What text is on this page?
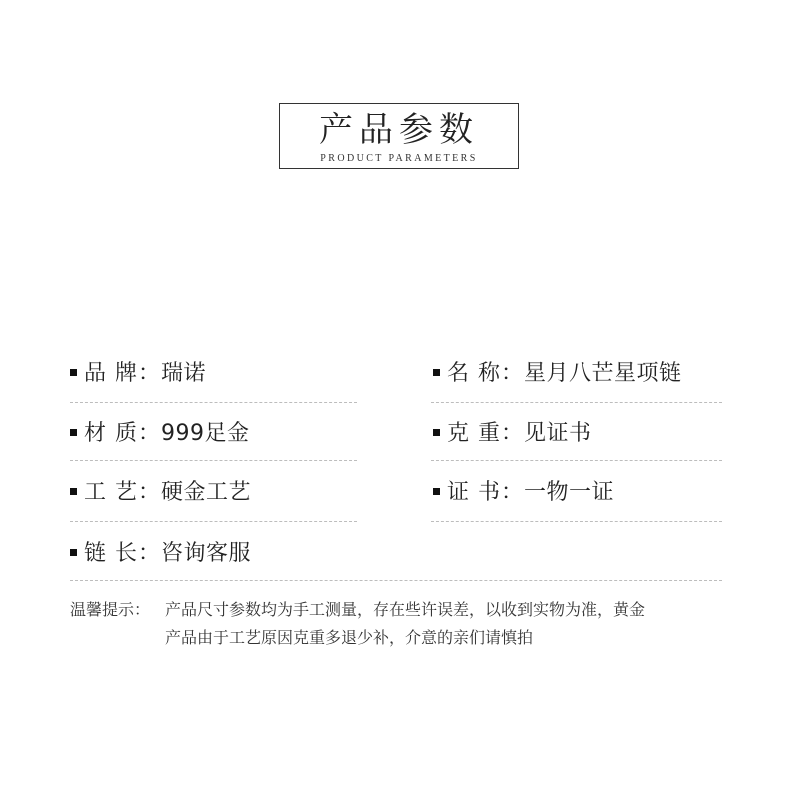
产品参数
PRODUCT PARAMETERS
品 牌：瑞诺	名 称：星月八芒星项链
材 质：999足金	克 重：见证书
工 艺：硬金工艺	证 书：一物一证
链 长：咨询客服
温馨提示： 产品尺寸参数均为手工测量，存在些许误差，以收到实物为准，黄金
产品由于工艺原因克重多退少补，介意的亲们请慎拍
